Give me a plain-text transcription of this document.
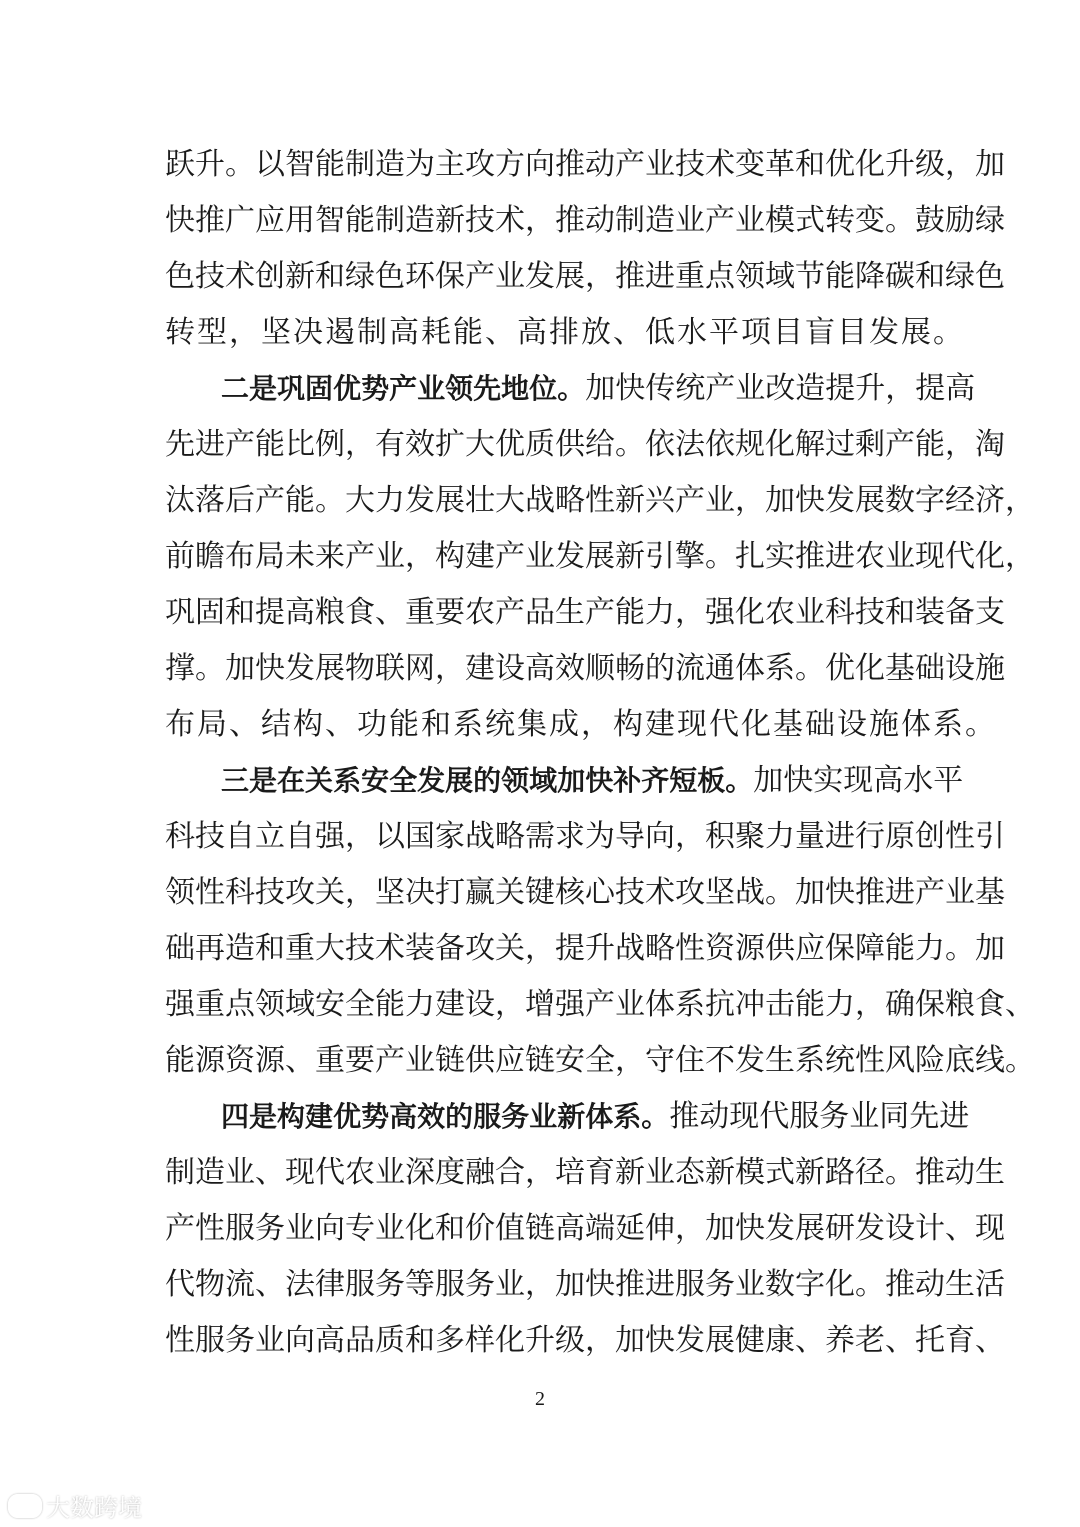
跃 升 。 以 智 能 制 造 为 主 攻 方 向 推 动 产 业 技 术 变 革 和 优 化 升 级 ， 加
快 推 广 应 用 智 能 制 造 新 技 术 ， 推 动 制 造 业 产 业 模 式 转 变 。 鼓 励 绿
色 技 术 创 新 和 绿 色 环 保 产 业 发 展 ， 推 进 重 点 领 域 节 能 降 碳 和 绿 色
转 型 ， 坚 决 遏 制 高 耗 能 、 高 排 放 、 低 水 平 项 目 盲 目 发 展 。
二 是 巩 固 优 势 产 业 领 先 地 位 。 加 快 传 统 产 业 改 造 提 升 ， 提 高
先 进 产 能 比 例 ， 有 效 扩 大 优 质 供 给 。 依 法 依 规 化 解 过 剩 产 能 ， 淘
汰 落 后 产 能 。 大 力 发 展 壮 大 战 略 性 新 兴 产 业 ， 加 快 发 展 数 字 经 济 ，
前 瞻 布 局 未 来 产 业 ， 构 建 产 业 发 展 新 引 擎 。 扎 实 推 进 农 业 现 代 化 ，
巩 固 和 提 高 粮 食 、 重 要 农 产 品 生 产 能 力 ， 强 化 农 业 科 技 和 装 备 支
撑 。 加 快 发 展 物 联 网 ， 建 设 高 效 顺 畅 的 流 通 体 系 。 优 化 基 础 设 施
布 局 、 结 构 、 功 能 和 系 统 集 成 ， 构 建 现 代 化 基 础 设 施 体 系 。
三 是 在 关 系 安 全 发 展 的 领 域 加 快 补 齐 短 板 。 加 快 实 现 高 水 平
科 技 自 立 自 强 ， 以 国 家 战 略 需 求 为 导 向 ， 积 聚 力 量 进 行 原 创 性 引
领 性 科 技 攻 关 ， 坚 决 打 赢 关 键 核 心 技 术 攻 坚 战 。 加 快 推 进 产 业 基
础 再 造 和 重 大 技 术 装 备 攻 关 ， 提 升 战 略 性 资 源 供 应 保 障 能 力 。 加
强 重 点 领 域 安 全 能 力 建 设 ， 增 强 产 业 体 系 抗 冲 击 能 力 ， 确 保 粮 食 、
能 源 资 源 、 重 要 产 业 链 供 应 链 安 全 ， 守 住 不 发 生 系 统 性 风 险 底 线 。
四 是 构 建 优 势 高 效 的 服 务 业 新 体 系 。 推 动 现 代 服 务 业 同 先 进
制 造 业 、 现 代 农 业 深 度 融 合 ， 培 育 新 业 态 新 模 式 新 路 径 。 推 动 生
产 性 服 务 业 向 专 业 化 和 价 值 链 高 端 延 伸 ， 加 快 发 展 研 发 设 计 、 现
代 物 流 、 法 律 服 务 等 服 务 业 ， 加 快 推 进 服 务 业 数 字 化 。 推 动 生 活
性 服 务 业 向 高 品 质 和 多 样 化 升 级 ， 加 快 发 展 健 康 、 养 老 、 托 育 、
2
大数跨境
